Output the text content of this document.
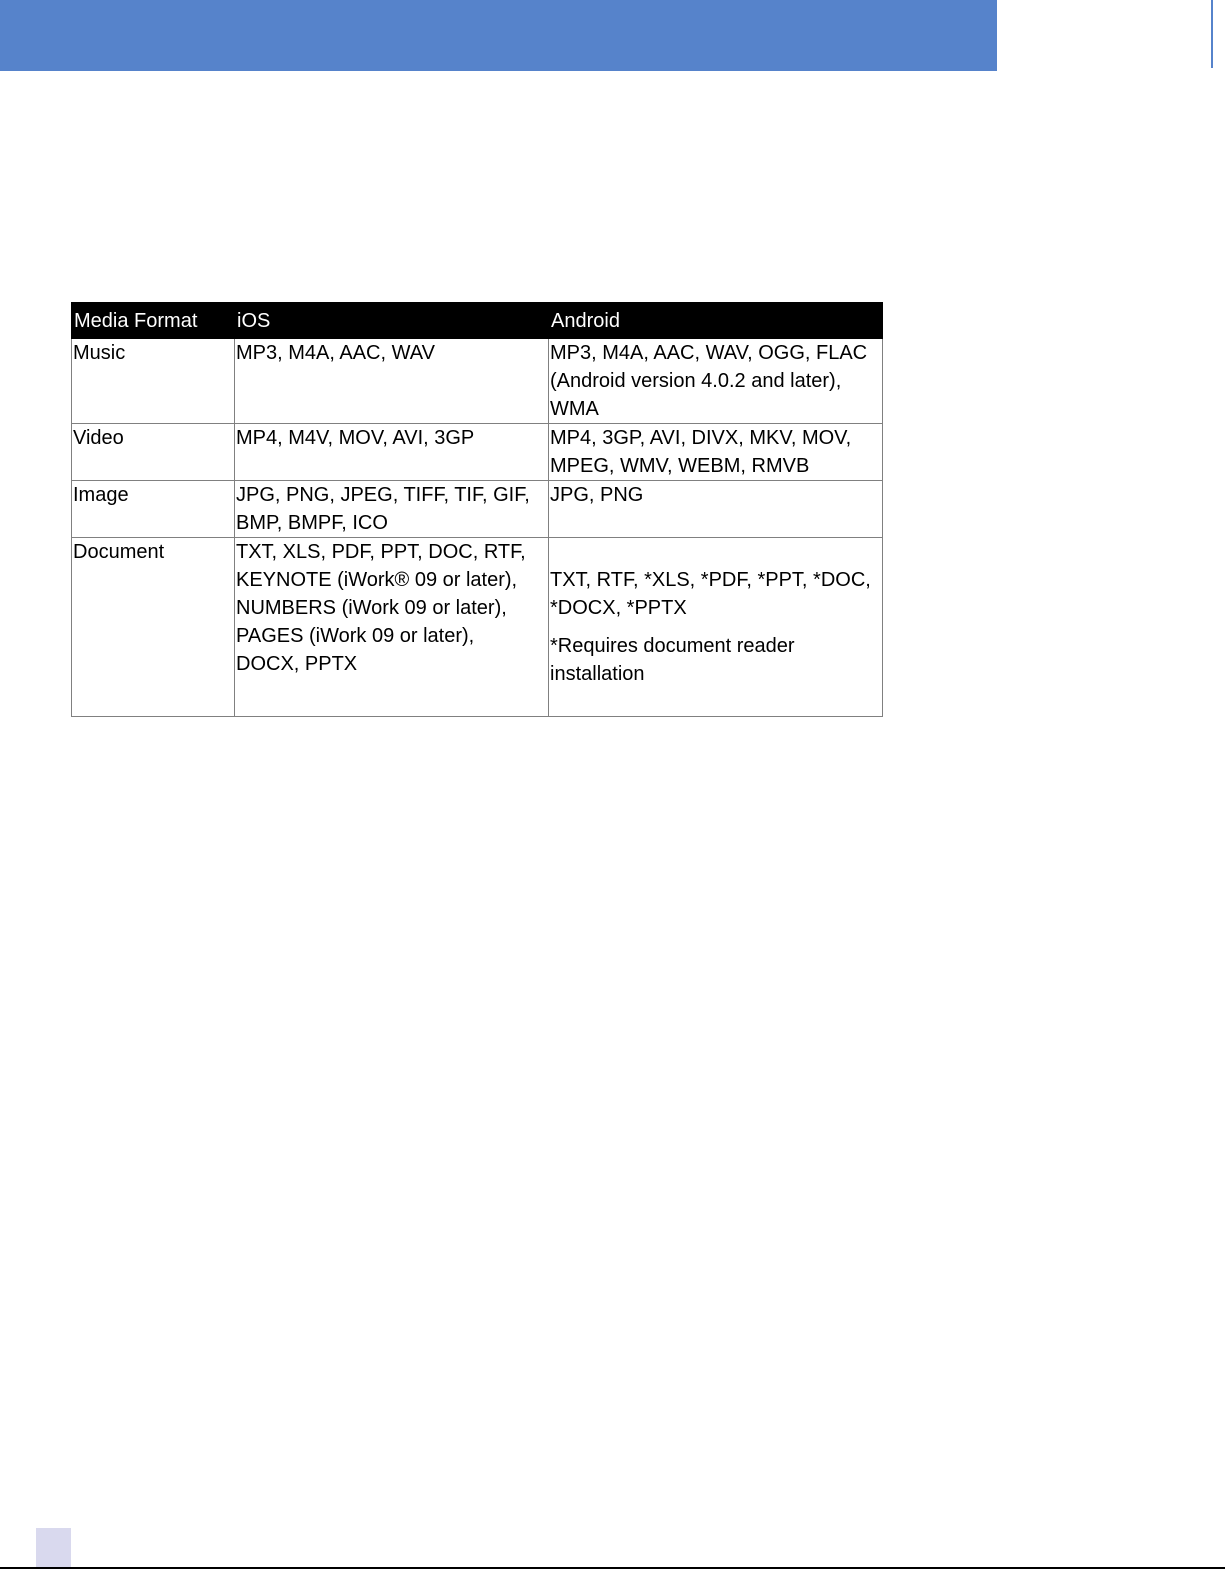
Media Format	iOS	Android
Music	MP3, M4A, AAC, WAV	MP3, M4A, AAC, WAV, OGG, FLAC
(Android version 4.0.2 and later),
WMA
Video	MP4, M4V, MOV, AVI, 3GP	MP4, 3GP, AVI, DIVX, MKV, MOV,
MPEG, WMV, WEBM, RMVB
Image	JPG, PNG, JPEG, TIFF, TIF, GIF,
BMP, BMPF, ICO	JPG, PNG
Document	TXT, XLS, PDF, PPT, DOC, RTF,
KEYNOTE (iWork® 09 or later),
NUMBERS (iWork 09 or later),
PAGES (iWork 09 or later),
DOCX, PPTX	TXT, RTF, *XLS, *PDF, *PPT, *DOC,
*DOCX, *PPTX

*Requires document reader
installation
